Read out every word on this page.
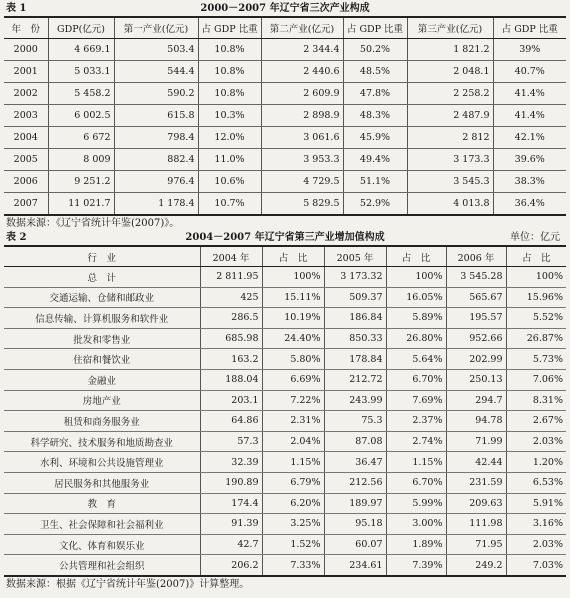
表 1	2000－2007 年辽宁省三次产业构成
年　份	GDP(亿元)	第一产业(亿元)	占 GDP 比重	第二产业(亿元)	占 GDP 比重	第三产业(亿元)	占 GDP 比重
2000	4 669.1	503.4	10.8%	2 344.4	50.2%	1 821.2	39%
2001	5 033.1	544.4	10.8%	2 440.6	48.5%	2 048.1	40.7%
2002	5 458.2	590.2	10.8%	2 609.9	47.8%	2 258.2	41.4%
2003	6 002.5	615.8	10.3%	2 898.9	48.3%	2 487.9	41.4%
2004	6 672	798.4	12.0%	3 061.6	45.9%	2 812	42.1%
2005	8 009	882.4	11.0%	3 953.3	49.4%	3 173.3	39.6%
2006	9 251.2	976.4	10.6%	4 729.5	51.1%	3 545.3	38.3%
2007	11 021.7	1 178.4	10.7%	5 829.5	52.9%	4 013.8	36.4%
数据来源：《辽宁省统计年鉴(2007)》。
表 2	2004－2007 年辽宁省第三产业增加值构成	单位：亿元
行　业	2004 年	占　比	2005 年	占　比	2006 年	占　比
总　计	2 811.95	100%	3 173.32	100%	3 545.28	100%
交通运输、仓储和邮政业	425	15.11%	509.37	16.05%	565.67	15.96%
信息传输、计算机服务和软件业	286.5	10.19%	186.84	5.89%	195.57	5.52%
批发和零售业	685.98	24.40%	850.33	26.80%	952.66	26.87%
住宿和餐饮业	163.2	5.80%	178.84	5.64%	202.99	5.73%
金融业	188.04	6.69%	212.72	6.70%	250.13	7.06%
房地产业	203.1	7.22%	243.99	7.69%	294.7	8.31%
租赁和商务服务业	64.86	2.31%	75.3	2.37%	94.78	2.67%
科学研究、技术服务和地质勘查业	57.3	2.04%	87.08	2.74%	71.99	2.03%
水利、环境和公共设施管理业	32.39	1.15%	36.47	1.15%	42.44	1.20%
居民服务和其他服务业	190.89	6.79%	212.56	6.70%	231.59	6.53%
教　育	174.4	6.20%	189.97	5.99%	209.63	5.91%
卫生、社会保障和社会福利业	91.39	3.25%	95.18	3.00%	111.98	3.16%
文化、体育和娱乐业	42.7	1.52%	60.07	1.89%	71.95	2.03%
公共管理和社会组织	206.2	7.33%	234.61	7.39%	249.2	7.03%
数据来源：根据《辽宁省统计年鉴(2007)》计算整理。
